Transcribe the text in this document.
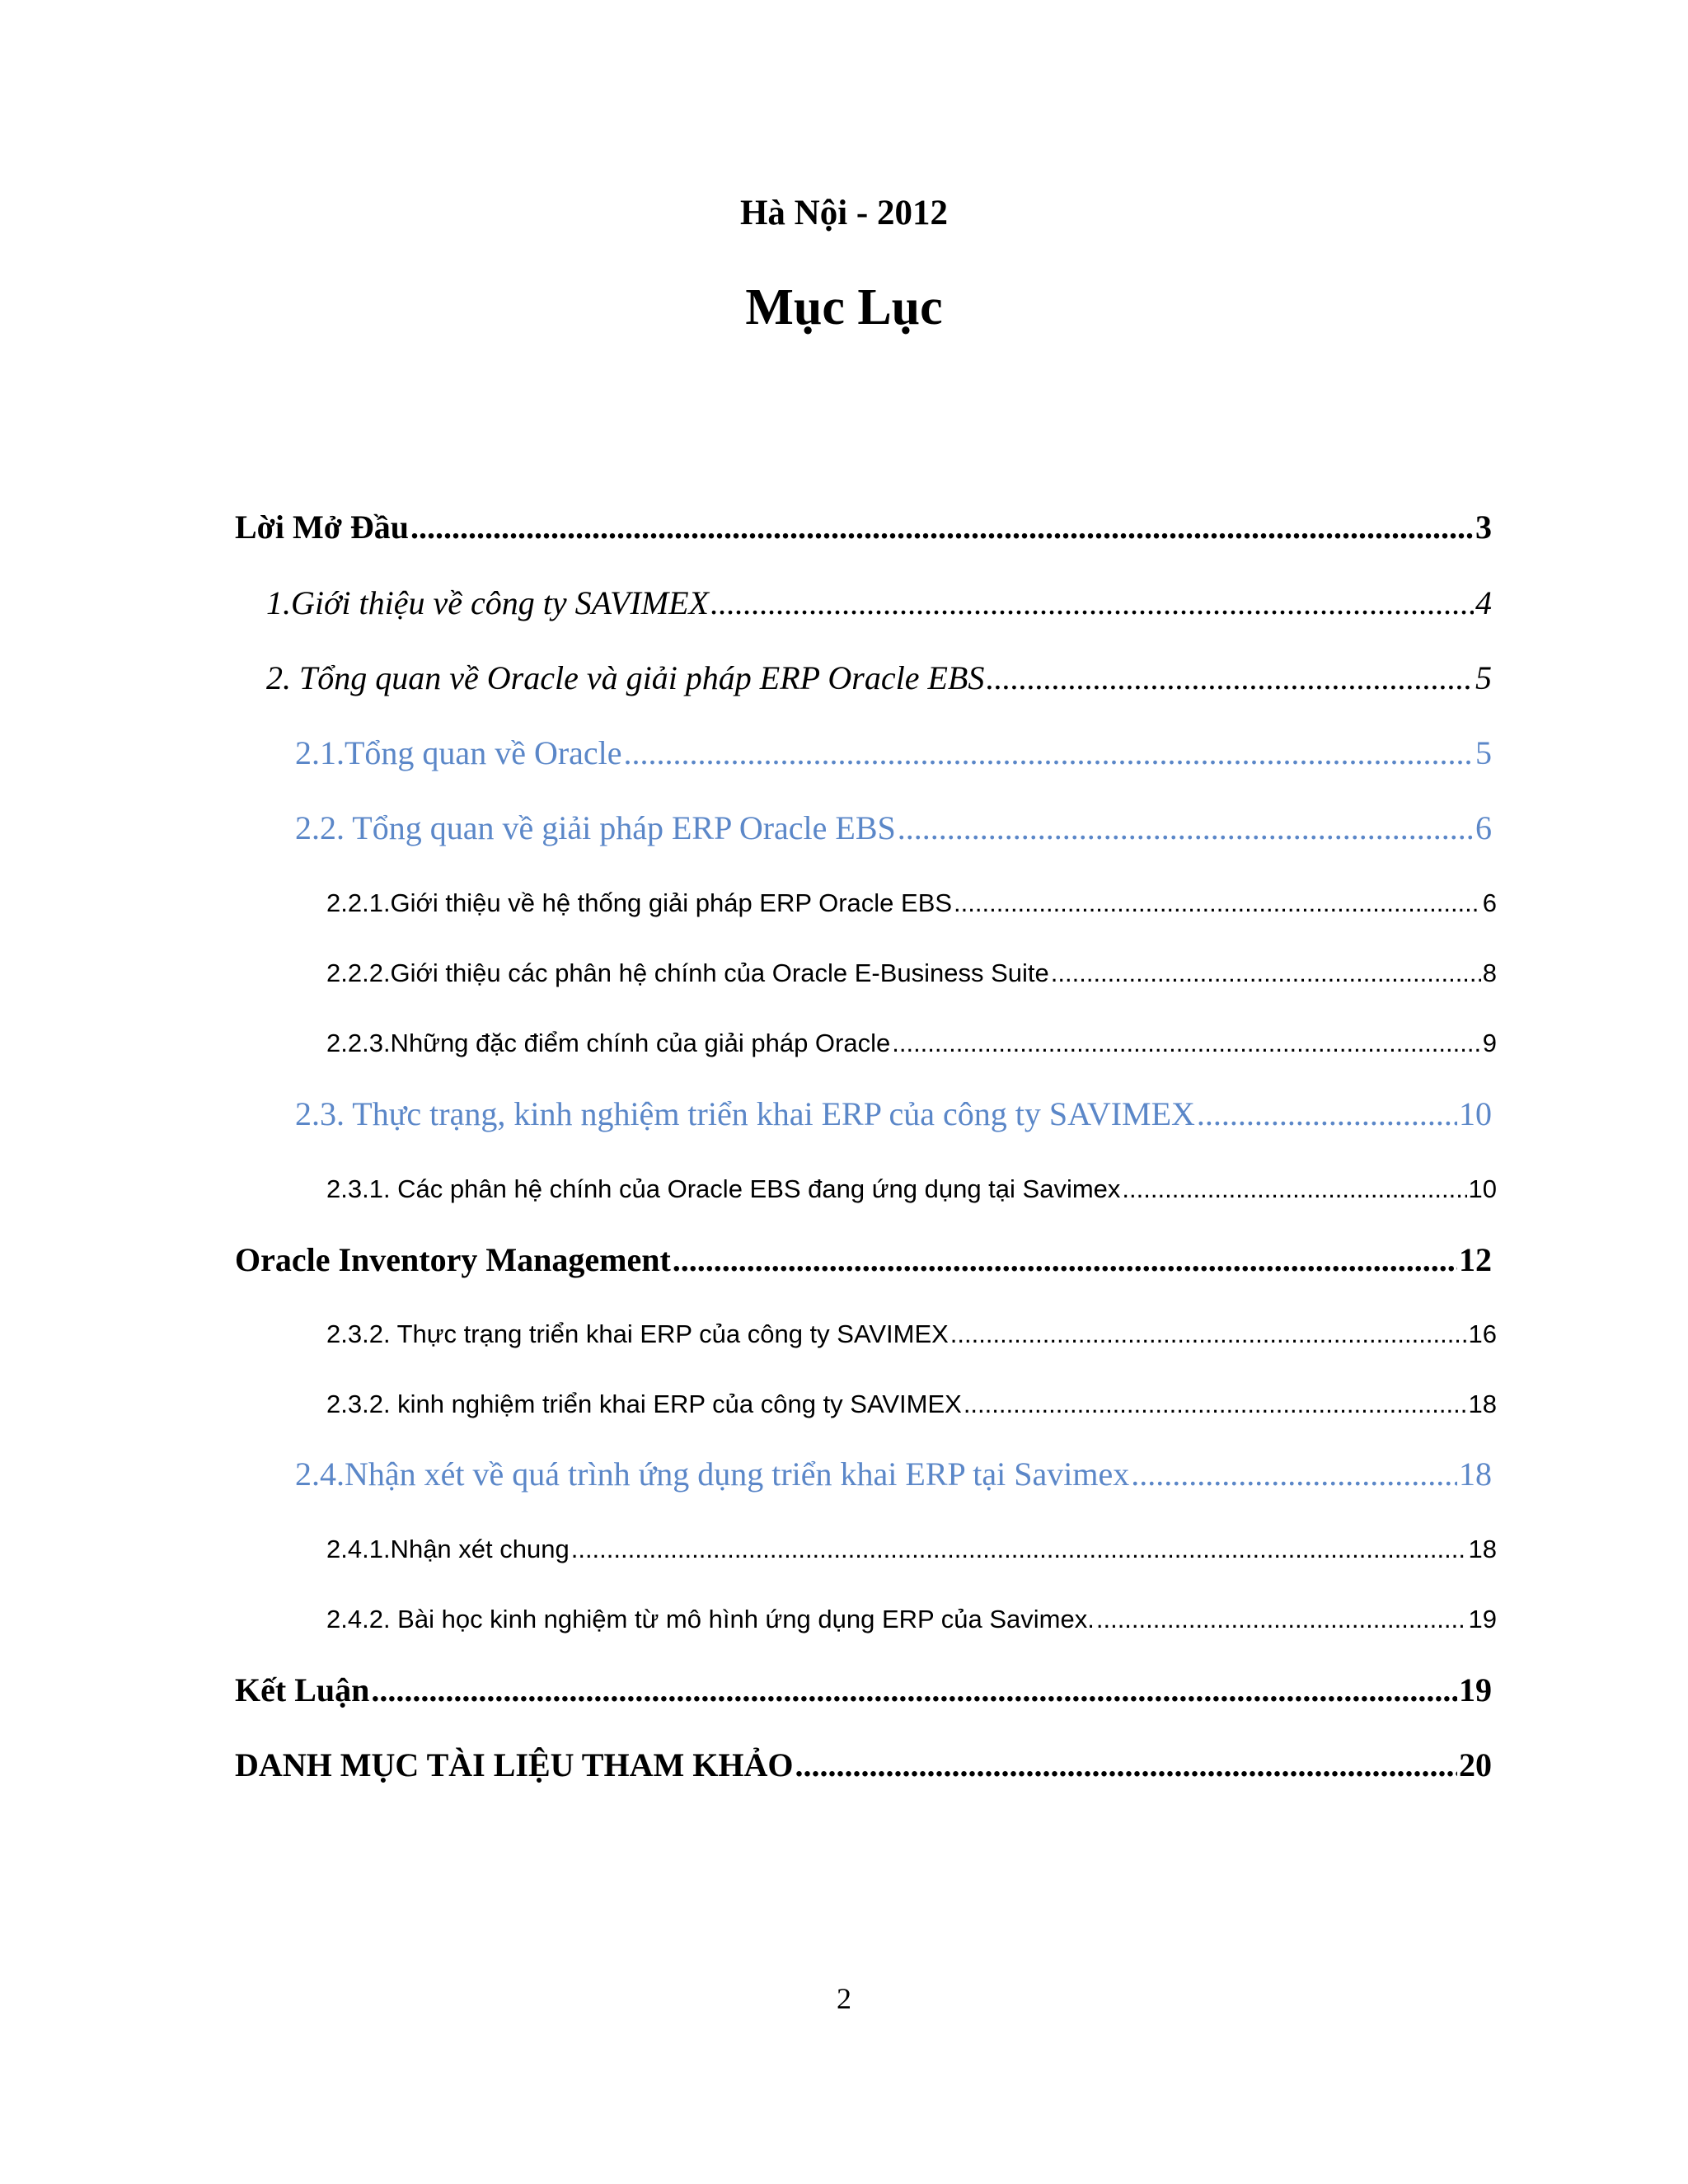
Hà Nội - 2012
Mục Lục
Lời Mở Đầu .....	3
1.Giới thiệu về công ty SAVIMEX .....	4
2. Tổng quan về Oracle và giải pháp ERP Oracle EBS .....	5
2.1.Tổng quan về Oracle .....	5
2.2. Tổng quan về giải pháp ERP Oracle EBS .....	6
2.2.1.Giới thiệu về hệ thống giải pháp ERP Oracle EBS .....	6
2.2.2.Giới thiệu các phân hệ chính của Oracle E-Business Suite .....	8
2.2.3.Những đặc điểm chính của giải pháp Oracle .....	9
2.3. Thực trạng, kinh nghiệm triển khai ERP của công ty SAVIMEX .....	10
2.3.1. Các phân hệ chính của Oracle EBS đang ứng dụng tại Savimex .....	10
Oracle Inventory Management .....	12
2.3.2. Thực trạng triển khai ERP của công ty SAVIMEX .....	16
2.3.2. kinh nghiệm triển khai ERP của công ty SAVIMEX .....	18
2.4.Nhận xét về quá trình ứng dụng triển khai ERP tại Savimex .....	18
2.4.1.Nhận xét chung .....	18
2.4.2. Bài học kinh nghiệm từ mô hình ứng dụng ERP của Savimex. .....	19
Kết Luận .....	19
DANH MỤC TÀI LIỆU THAM KHẢO .....	20
2
